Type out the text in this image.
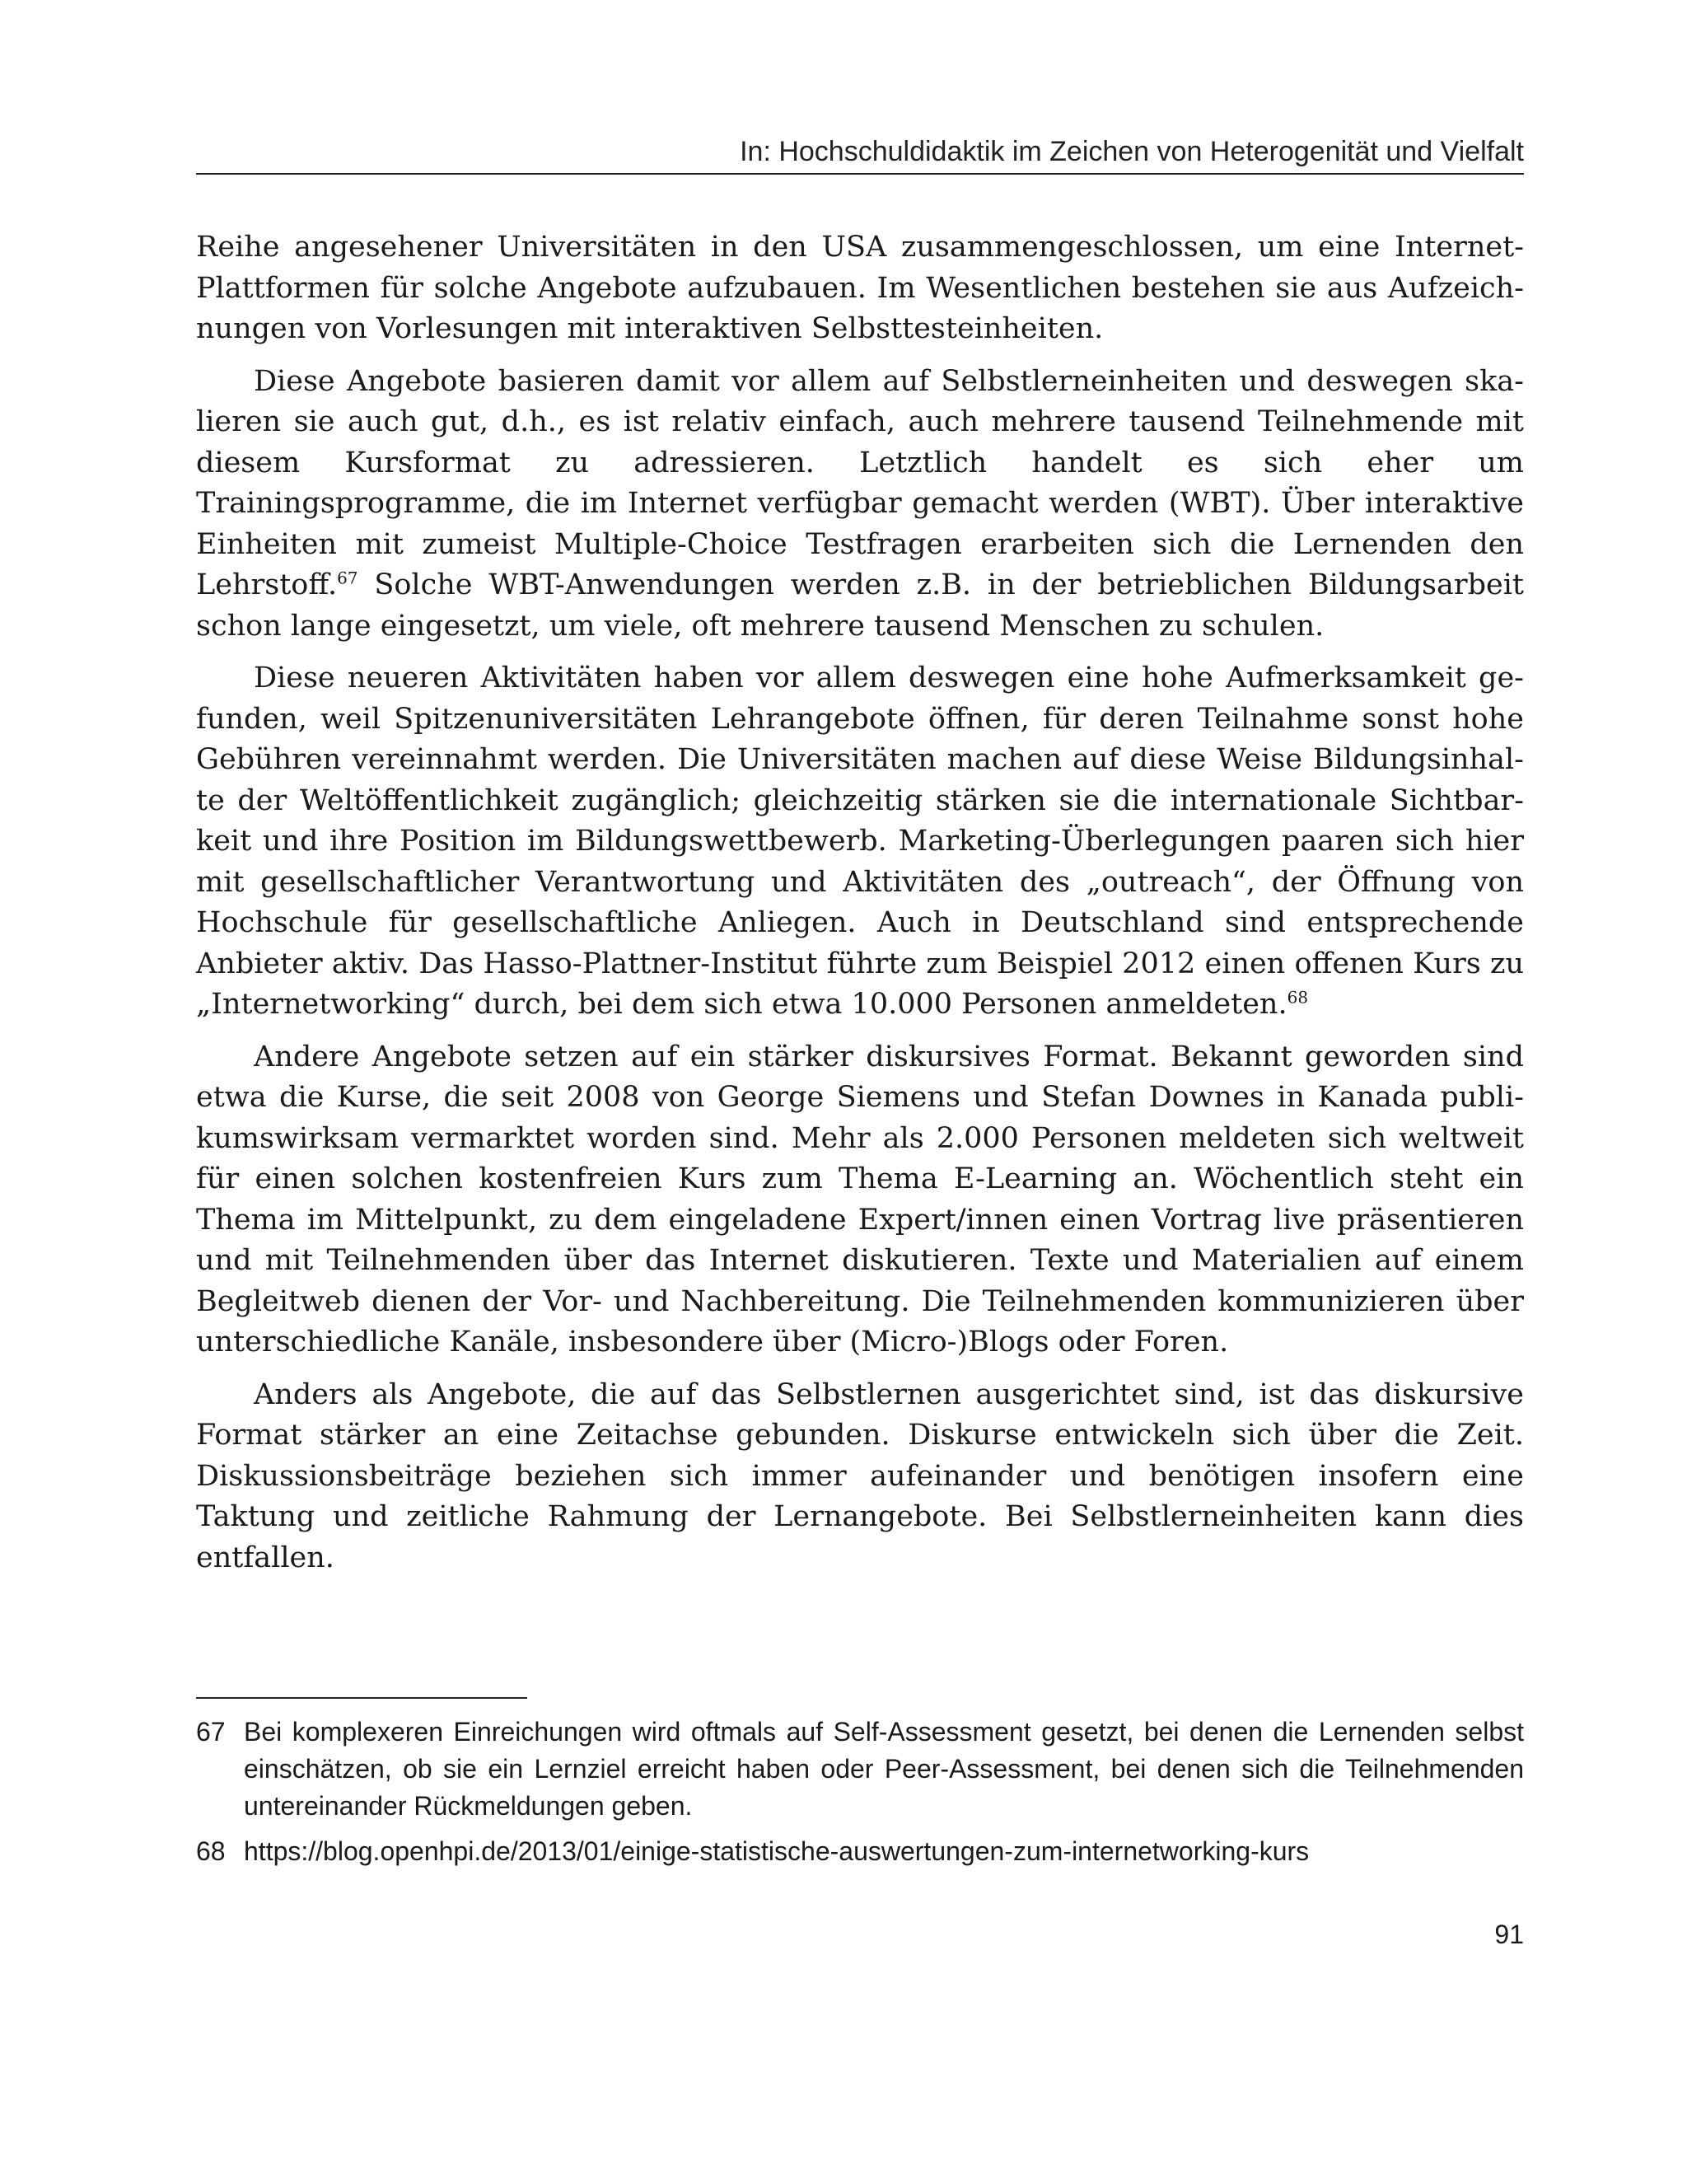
In: Hochschuldidaktik im Zeichen von Heterogenität und Vielfalt

Reihe angesehener Universitäten in den USA zusammengeschlossen, um eine Internet-Plattformen für solche Angebote aufzubauen. Im Wesentlichen bestehen sie aus Aufzeichnungen von Vorlesungen mit interaktiven Selbsttesteinheiten.

Diese Angebote basieren damit vor allem auf Selbstlerneinheiten und deswegen skalieren sie auch gut, d.h., es ist relativ einfach, auch mehrere tausend Teilnehmende mit diesem Kursformat zu adressieren. Letztlich handelt es sich eher um Trainingsprogramme, die im Internet verfügbar gemacht werden (WBT). Über interaktive Einheiten mit zumeist Multiple-Choice Testfragen erarbeiten sich die Lernenden den Lehrstoff.$^{67}$ Solche WBT-Anwendungen werden z.B. in der betrieblichen Bildungsarbeit schon lange eingesetzt, um viele, oft mehrere tausend Menschen zu schulen.

Diese neueren Aktivitäten haben vor allem deswegen eine hohe Aufmerksamkeit gefunden, weil Spitzenuniversitäten Lehrangebote öffnen, für deren Teilnahme sonst hohe Gebühren vereinnahmt werden. Die Universitäten machen auf diese Weise Bildungsinhalte der Weltöffentlichkeit zugänglich; gleichzeitig stärken sie die internationale Sichtbarkeit und ihre Position im Bildungswettbewerb. Marketing-Überlegungen paaren sich hier mit gesellschaftlicher Verantwortung und Aktivitäten des „outreach“, der Öffnung von Hochschule für gesellschaftliche Anliegen. Auch in Deutschland sind entsprechende Anbieter aktiv. Das Hasso-Plattner-Institut führte zum Beispiel 2012 einen offenen Kurs zu „Internetworking“ durch, bei dem sich etwa 10.000 Personen anmeldeten.$^{68}$

Andere Angebote setzen auf ein stärker diskursives Format. Bekannt geworden sind etwa die Kurse, die seit 2008 von George Siemens und Stefan Downes in Kanada publikumswirksam vermarktet worden sind. Mehr als 2.000 Personen meldeten sich weltweit für einen solchen kostenfreien Kurs zum Thema E-Learning an. Wöchentlich steht ein Thema im Mittelpunkt, zu dem eingeladene Expert/innen einen Vortrag live präsentieren und mit Teilnehmenden über das Internet diskutieren. Texte und Materialien auf einem Begleitweb dienen der Vor- und Nachbereitung. Die Teilnehmenden kommunizieren über unterschiedliche Kanäle, insbesondere über (Micro-)Blogs oder Foren.

Anders als Angebote, die auf das Selbstlernen ausgerichtet sind, ist das diskursive Format stärker an eine Zeitachse gebunden. Diskurse entwickeln sich über die Zeit. Diskussionsbeiträge beziehen sich immer aufeinander und benötigen insofern eine Taktung und zeitliche Rahmung der Lernangebote. Bei Selbstlerneinheiten kann dies entfallen.

67 Bei komplexeren Einreichungen wird oftmals auf Self-Assessment gesetzt, bei denen die Lernenden selbst einschätzen, ob sie ein Lernziel erreicht haben oder Peer-Assessment, bei denen sich die Teilnehmenden untereinander Rückmeldungen geben.
68 https://blog.openhpi.de/2013/01/einige-statistische-auswertungen-zum-internetworking-kurs
91
